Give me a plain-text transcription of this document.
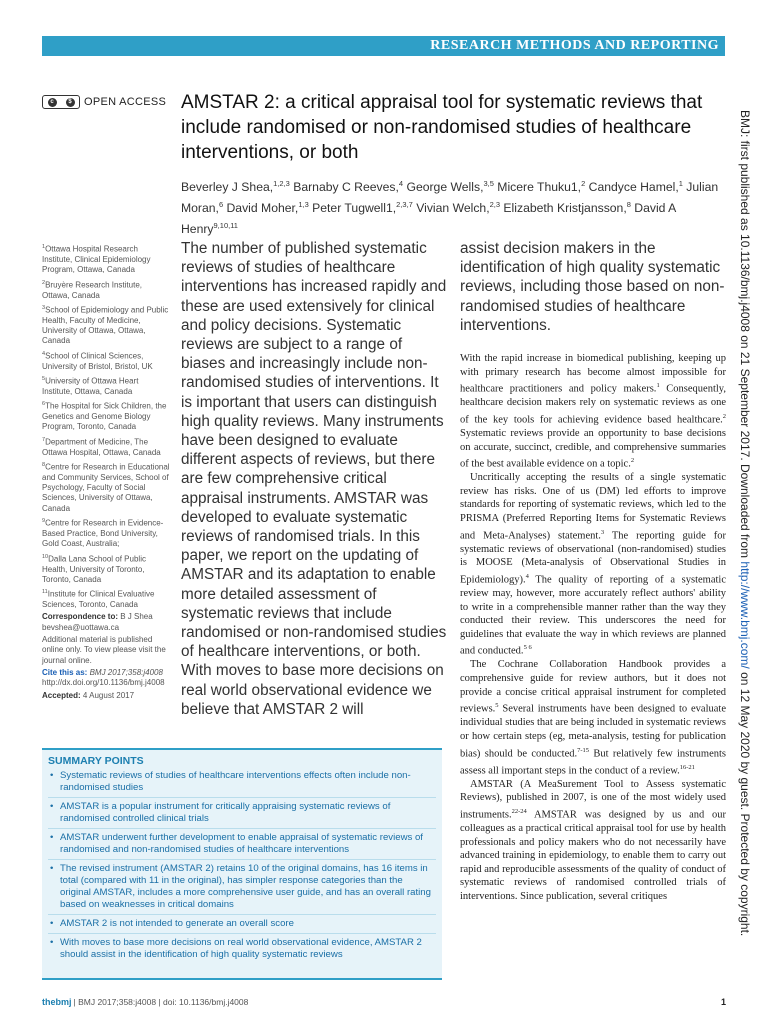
RESEARCH METHODS AND REPORTING
c	$ OPEN ACCESS AMSTAR 2: a critical appraisal tool for systematic reviews that include randomised or non-randomised studies of healthcare interventions, or both
Beverley J Shea,$^{1,2,3}$ Barnaby C Reeves,$^4$ George Wells,$^{3,5}$ Micere Thuku1,$^2$ Candyce Hamel,$^1$ Julian Moran,$^6$ David Moher,$^{1,3}$ Peter Tugwell1,$^{2,3,7}$ Vivian Welch,$^{2,3}$ Elizabeth Kristjansson,$^8$ David A Henry$^{9,10,11}$	BMJ: first published as 10.1136/bmj.j4008 on 21 September 2017. Downloaded from http://www.bmj.com/ on 12 May 2020 by guest. Protected by copyright.

$^1$Ottawa Hospital Research Institute, Clinical Epidemiology Program, Ottawa, Canada

$^2$Bruyère Research Institute, Ottawa, Canada

$^3$School of Epidemiology and Public Health, Faculty of Medicine, University of Ottawa, Ottawa, Canada

$^4$School of Clinical Sciences, University of Bristol, Bristol, UK

$^5$University of Ottawa Heart Institute, Ottawa, Canada

$^6$The Hospital for Sick Children, the Genetics and Genome Biology Program, Toronto, Canada

$^7$Department of Medicine, The Ottawa Hospital, Ottawa, Canada

$^8$Centre for Research in Educational and Community Services, School of Psychology, Faculty of Social Sciences, University of Ottawa, Canada

$^9$Centre for Research in Evidence-Based Practice, Bond University, Gold Coast, Australia;

$^{10}$Dalla Lana School of Public Health, University of Toronto, Toronto, Canada

$^{11}$Institute for Clinical Evaluative Sciences, Toronto, Canada

Correspondence to: B J Shea
bevshea@uottawa.ca

Additional material is published online only. To view please visit the journal online.

Cite this as: BMJ 2017;358:j4008
http://dx.doi.org/10.1136/bmj.j4008

Accepted: 4 August 2017

The number of published systematic reviews of studies of healthcare interventions has increased rapidly and these are used extensively for clinical and policy decisions. Systematic reviews are subject to a range of biases and increasingly include non-randomised studies of interventions. It is important that users can distinguish high quality reviews. Many instruments have been designed to evaluate different aspects of reviews, but there are few comprehensive critical appraisal instruments. AMSTAR was developed to evaluate systematic reviews of randomised trials. In this paper, we report on the updating of AMSTAR and its adaptation to enable more detailed assessment of systematic reviews that include randomised or non-randomised studies of healthcare interventions, or both. With moves to base more decisions on real world observational evidence we believe that AMSTAR 2 will

assist decision makers in the identification of high quality systematic reviews, including those based on non-randomised studies of healthcare interventions.

With the rapid increase in biomedical publishing, keeping up with primary research has become almost impossible for healthcare practitioners and policy makers.$^1$ Consequently, healthcare decision makers rely on systematic reviews as one of the key tools for achieving evidence based healthcare.$^2$ Systematic reviews provide an opportunity to base decisions on accurate, succinct, credible, and comprehensive summaries of the best available evidence on a topic.$^2$

Uncritically accepting the results of a single systematic review has risks. One of us (DM) led efforts to improve standards for reporting of systematic reviews, which led to the PRISMA (Preferred Reporting Items for Systematic Reviews and Meta-Analyses) statement.$^3$ The reporting guide for systematic reviews of observational (non-randomised) studies is MOOSE (Meta-analysis of Observational Studies in Epidemiology).$^4$ The quality of reporting of a systematic review may, however, more accurately reflect authors' ability to write in a comprehensible manner rather than the way they conducted their review. This underscores the need for guidelines that evaluate the way in which reviews are planned and conducted.$^{5 6}$

The Cochrane Collaboration Handbook provides a comprehensive guide for review authors, but it does not provide a concise critical appraisal instrument for completed reviews.$^5$ Several instruments have been designed to evaluate individual studies that are being included in systematic reviews or how certain steps (eg, meta-analysis, testing for publication bias) should be conducted.$^{7-15}$ But relatively few instruments assess all important steps in the conduct of a review.$^{16-21}$

AMSTAR (A MeaSurement Tool to Assess systematic Reviews), published in 2007, is one of the most widely used instruments.$^{22-24}$ AMSTAR was designed by us and our colleagues as a practical critical appraisal tool for use by health professionals and policy makers who do not necessarily have advanced training in epidemiology, to enable them to carry out rapid and reproducible assessments of the quality of conduct of systematic reviews of randomised controlled trials of interventions. Since publication, several critiques

SUMMARY POINTS
• Systematic reviews of studies of healthcare interventions effects often include non-randomised studies
• AMSTAR is a popular instrument for critically appraising systematic reviews of randomised controlled clinical trials
• AMSTAR underwent further development to enable appraisal of systematic reviews of randomised and non-randomised studies of healthcare interventions
• The revised instrument (AMSTAR 2) retains 10 of the original domains, has 16 items in total (compared with 11 in the original), has simpler response categories than the original AMSTAR, includes a more comprehensive user guide, and has an overall rating based on weaknesses in critical domains
• AMSTAR 2 is not intended to generate an overall score
• With moves to base more decisions on real world observational evidence, AMSTAR 2 should assist in the identification of high quality systematic reviews
thebmj | BMJ 2017;358:j4008 | doi: 10.1136/bmj.j4008	1
